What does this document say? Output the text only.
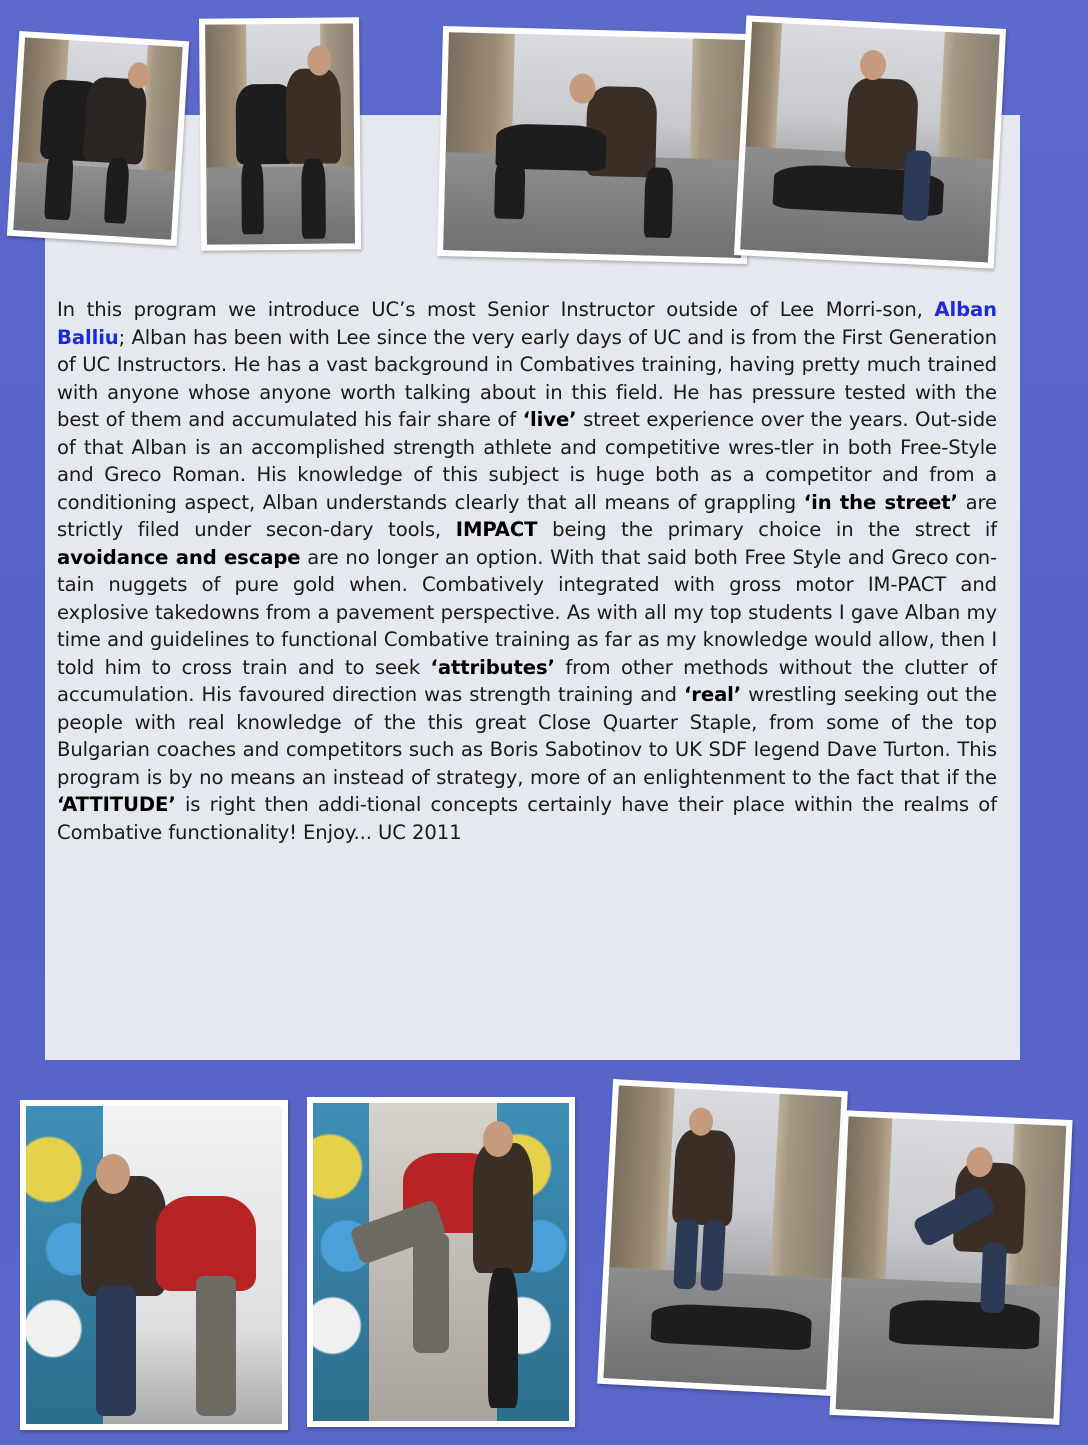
In this program we introduce UC’s most Senior Instructor outside of Lee Morri-son, Alban Balliu; Alban has been with Lee since the very early days of UC and is from the First Generation of UC Instructors. He has a vast background in Combatives training, having pretty much trained with anyone whose anyone worth talking about in this field. He has pressure tested with the best of them and accumulated his fair share of ‘live’ street experience over the years. Out-side of that Alban is an accomplished strength athlete and competitive wres-tler in both Free-Style and Greco Roman. His knowledge of this subject is huge both as a competitor and from a conditioning aspect, Alban understands clearly that all means of grappling ‘in the street’ are strictly filed under secon-dary tools, IMPACT being the primary choice in the strect if avoidance and escape are no longer an option. With that said both Free Style and Greco con-tain nuggets of pure gold when. Combatively integrated with gross motor IM-PACT and explosive takedowns from a pavement perspective. As with all my top students I gave Alban my time and guidelines to functional Combative training as far as my knowledge would allow, then I told him to cross train and to seek ‘attributes’ from other methods without the clutter of accumulation. His favoured direction was strength training and ‘real’ wrestling seeking out the people with real knowledge of the this great Close Quarter Staple, from some of the top Bulgarian coaches and competitors such as Boris Sabotinov to UK SDF legend Dave Turton. This program is by no means an instead of strategy, more of an enlightenment to the fact that if the ‘ATTITUDE’ is right then addi-tional concepts certainly have their place within the realms of Combative functionality! Enjoy... UC 2011
